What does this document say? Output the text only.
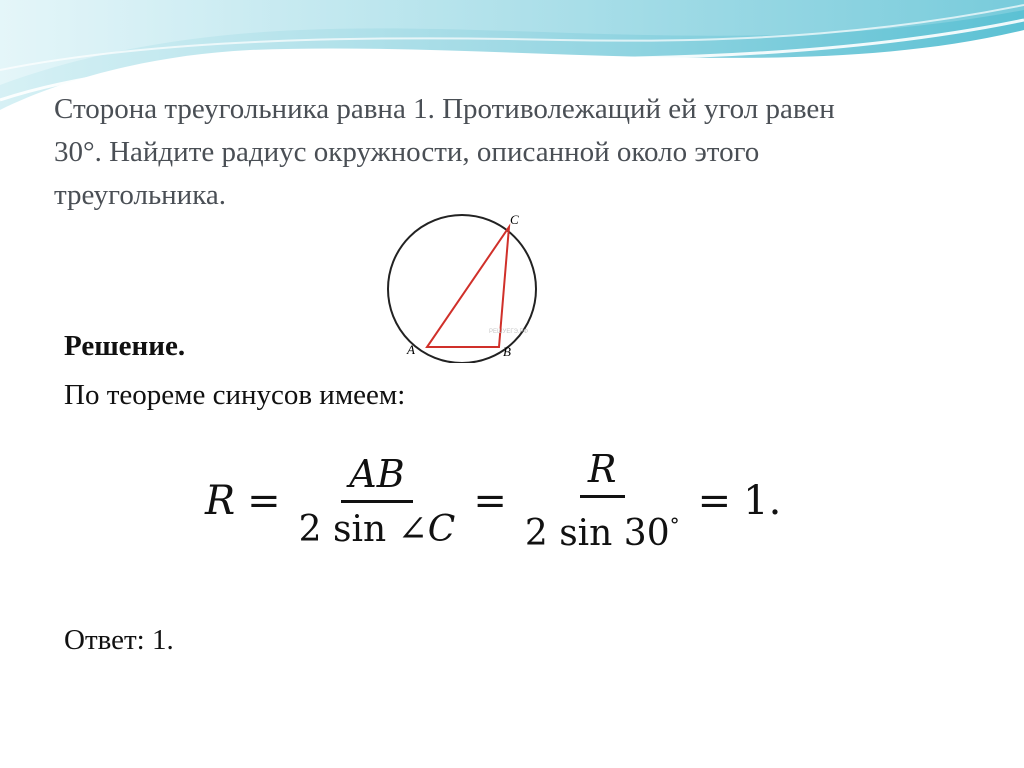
Сторона треугольника равна 1. Противолежащий ей угол равен
30°. Найдите радиус окружности, описанной около этого
треугольника.
A	B
C
РЕШУЕГЭ.РФ
Решение.
По теореме синусов имеем:
$R = \frac{AB}{2 \sin \angle C} = \frac{R}{2 \sin 30^\circ} = 1$.
Ответ: 1.
